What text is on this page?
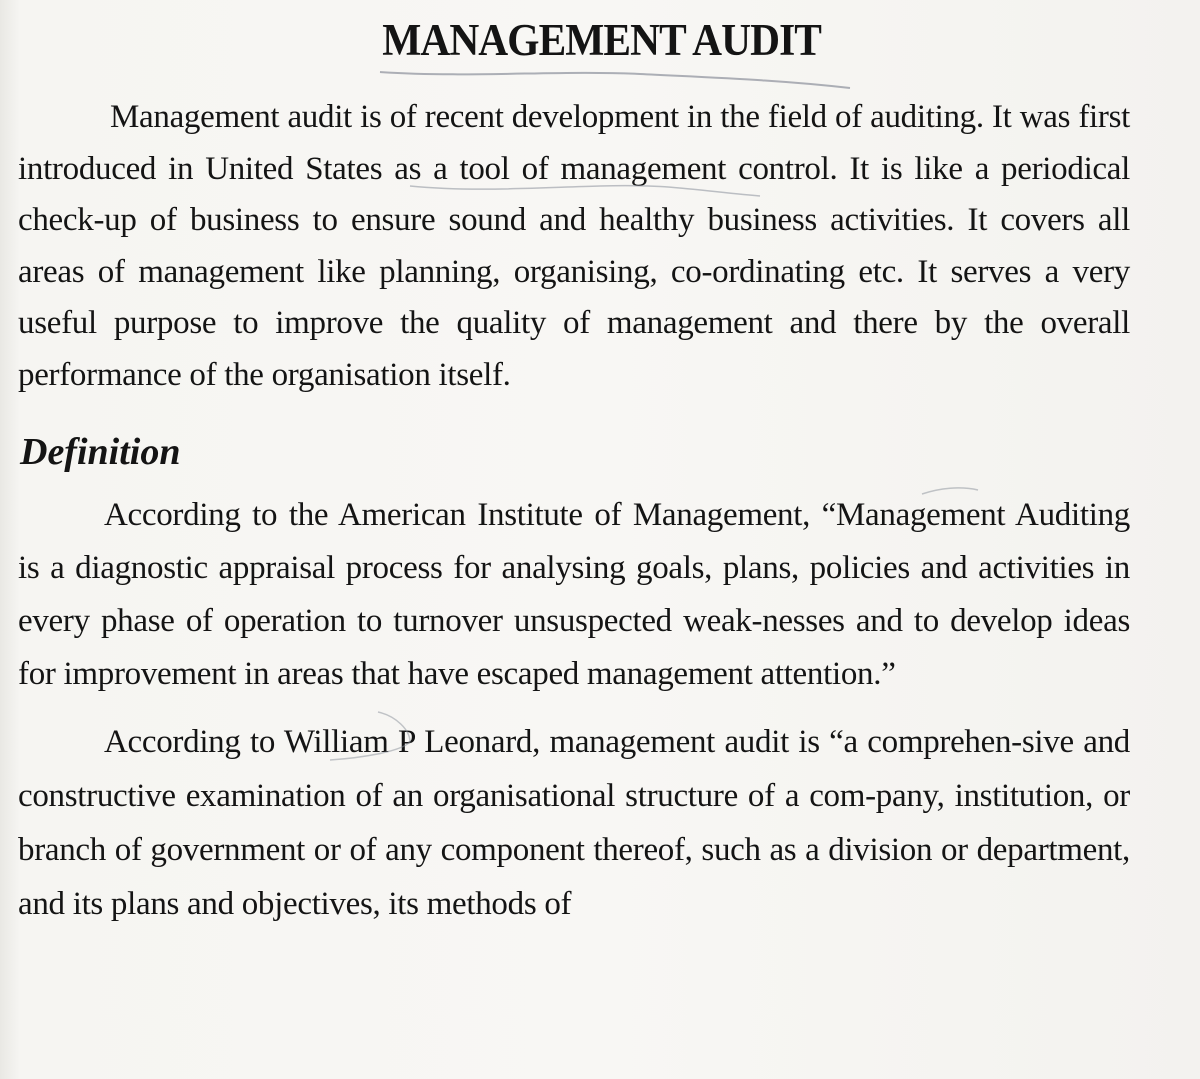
MANAGEMENT AUDIT

Management audit is of recent development in the field of auditing. It was first introduced in United States as a tool of management control. It is like a periodical check-up of business to ensure sound and healthy business activities. It covers all areas of management like planning, organising, co-ordinating etc. It serves a very useful purpose to improve the quality of management and there by the overall performance of the organisation itself.

Definition

According to the American Institute of Management, “Management Auditing is a diagnostic appraisal process for analysing goals, plans, policies and activities in every phase of operation to turnover unsuspected weak-nesses and to develop ideas for improvement in areas that have escaped management attention.”

According to William P Leonard, management audit is “a comprehen-sive and constructive examination of an organisational structure of a com-pany, institution, or branch of government or of any component thereof, such as a division or department, and its plans and objectives, its methods of
